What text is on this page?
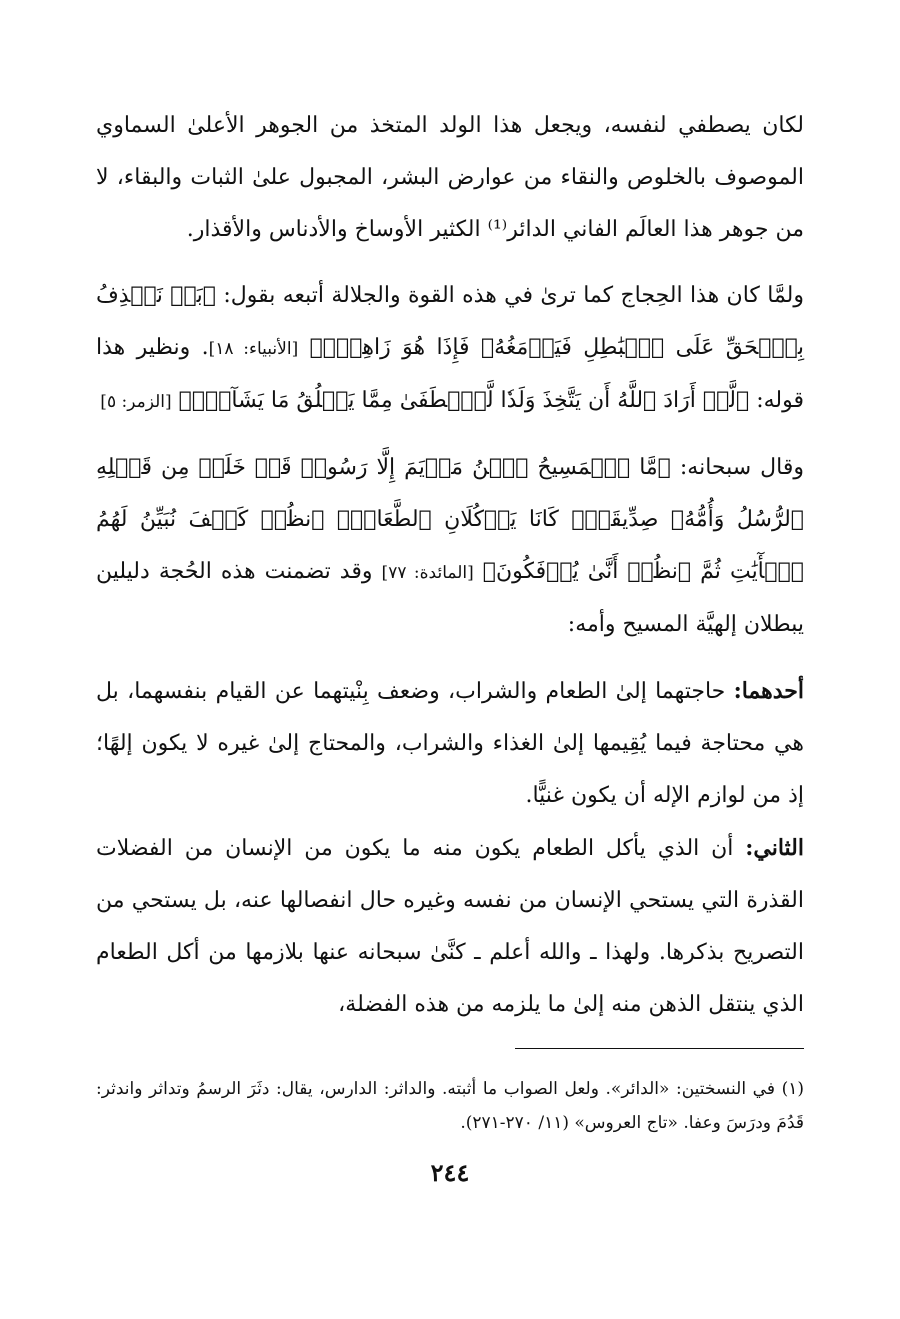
لكان يصطفي لنفسه، ويجعل هذا الولد المتخذ من الجوهر الأعلىٰ السماوي الموصوف بالخلوص والنقاء من عوارض البشر، المجبول علىٰ الثبات والبقاء، لا من جوهر هذا العالَم الفاني الدائر⁽¹⁾ الكثير الأوساخ والأدناس والأقذار.

ولمَّا كان هذا الحِجاج كما ترىٰ في هذه القوة والجلالة أتبعه بقول: ﴿بَلۡ نَقۡذِفُ بِٱلۡحَقِّ عَلَى ٱلۡبَٰطِلِ فَيَدۡمَغُهُۥ فَإِذَا هُوَ زَاهِقٞۚ﴾ [الأنبياء: ١٨]. ونظير هذا قوله: ﴿لَّوۡ أَرَادَ ٱللَّهُ أَن يَتَّخِذَ وَلَدٗا لَّٱصۡطَفَىٰ مِمَّا يَخۡلُقُ مَا يَشَآءُۚ﴾ [الزمر: ٥]

وقال سبحانه: ﴿مَّا ٱلۡمَسِيحُ ٱبۡنُ مَرۡيَمَ إِلَّا رَسُولٞ قَدۡ خَلَتۡ مِن قَبۡلِهِ ٱلرُّسُلُ وَأُمُّهُۥ صِدِّيقَةٞۖ كَانَا يَأۡكُلَانِ ٱلطَّعَامَۗ ٱنظُرۡ كَيۡفَ نُبَيِّنُ لَهُمُ ٱلۡأٓيَٰتِ ثُمَّ ٱنظُرۡ أَنَّىٰ يُؤۡفَكُونَ﴾ [المائدة: ٧٧] وقد تضمنت هذه الحُجة دليلين يبطلان إلهيَّة المسيح وأمه:

أحدهما: حاجتهما إلىٰ الطعام والشراب، وضعف بِنْيتهما عن القيام بنفسهما، بل هي محتاجة فيما يُقِيمها إلىٰ الغذاء والشراب، والمحتاج إلىٰ غيره لا يكون إلهًا؛ إذ من لوازم الإله أن يكون غنيًّا.

الثاني: أن الذي يأكل الطعام يكون منه ما يكون من الإنسان من الفضلات القذرة التي يستحي الإنسان من نفسه وغيره حال انفصالها عنه، بل يستحي من التصريح بذكرها. ولهذا ـ والله أعلم ـ كنَّىٰ سبحانه عنها بلازمها من أكل الطعام الذي ينتقل الذهن منه إلىٰ ما يلزمه من هذه الفضلة،

(١) في النسختين: «الدائر». ولعل الصواب ما أثبته. والداثر: الدارس، يقال: دثَرَ الرسمُ وتداثر واندثر: قَدُمَ ودرَسَ وعفا. «تاج العروس» (١١/ ٢٧٠-٢٧١).
٢٤٤
